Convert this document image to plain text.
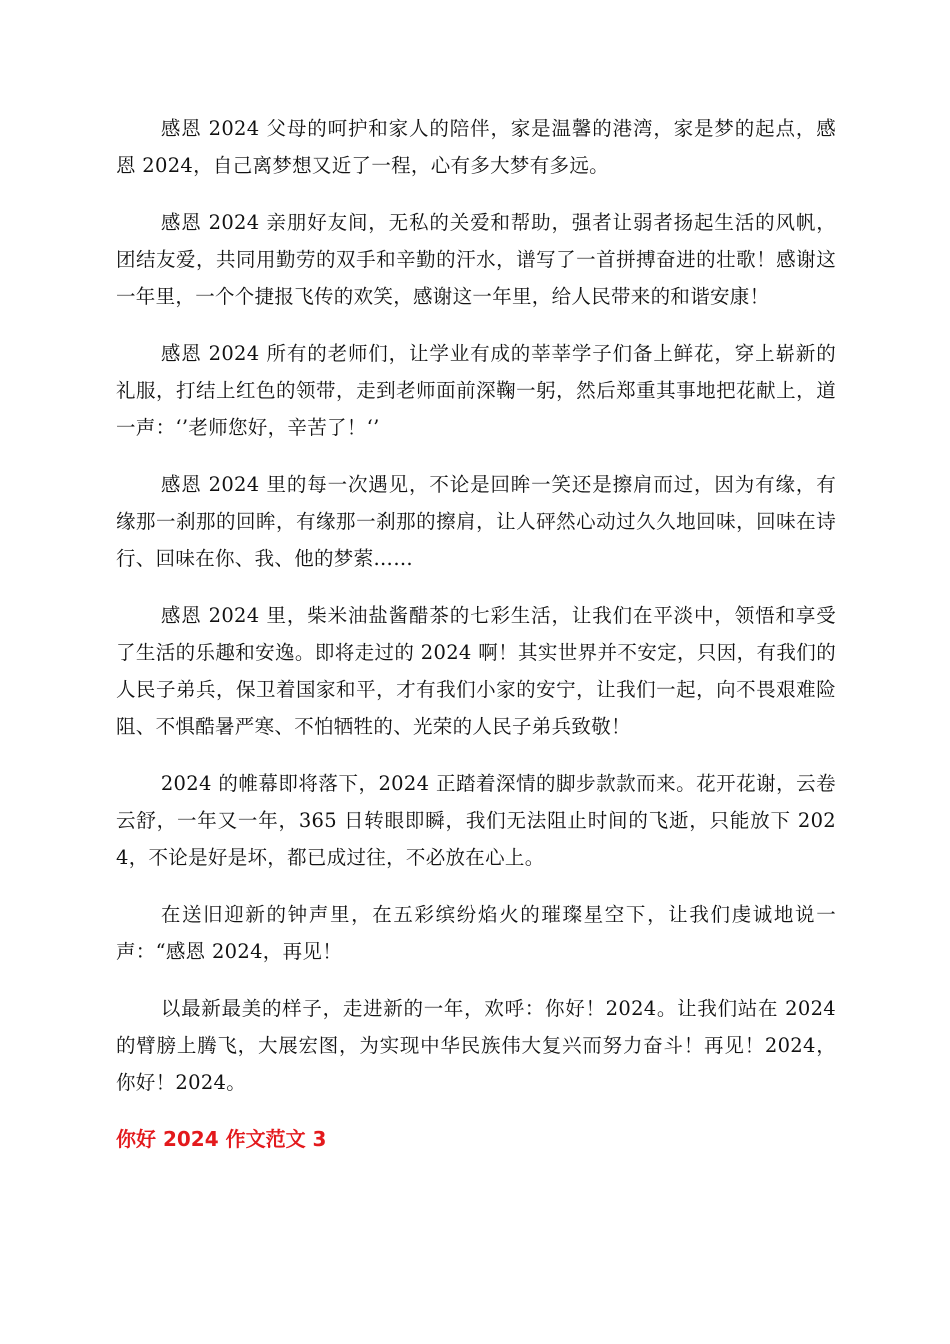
感恩 2024 父母的呵护和家人的陪伴，家是温馨的港湾，家是梦的起点，感恩 2024，自己离梦想又近了一程，心有多大梦有多远。

感恩 2024 亲朋好友间，无私的关爱和帮助，强者让弱者扬起生活的风帆，团结友爱，共同用勤劳的双手和辛勤的汗水，谱写了一首拼搏奋进的壮歌！感谢这一年里，一个个捷报飞传的欢笑，感谢这一年里，给人民带来的和谐安康！

感恩 2024 所有的老师们，让学业有成的莘莘学子们备上鲜花，穿上崭新的礼服，打结上红色的领带，走到老师面前深鞠一躬，然后郑重其事地把花献上，道一声：‘’老师您好，辛苦了！‘’

感恩 2024 里的每一次遇见，不论是回眸一笑还是擦肩而过，因为有缘，有缘那一刹那的回眸，有缘那一刹那的擦肩，让人砰然心动过久久地回味，回味在诗行、回味在你、我、他的梦萦……

感恩 2024 里，柴米油盐酱醋茶的七彩生活，让我们在平淡中，领悟和享受了生活的乐趣和安逸。即将走过的 2024 啊！其实世界并不安定，只因，有我们的人民子弟兵，保卫着国家和平，才有我们小家的安宁，让我们一起，向不畏艰难险阻、不惧酷暑严寒、不怕牺牲的、光荣的人民子弟兵致敬！

2024 的帷幕即将落下，2024 正踏着深情的脚步款款而来。花开花谢，云卷云舒，一年又一年，365 日转眼即瞬，我们无法阻止时间的飞逝，只能放下 2024，不论是好是坏，都已成过往，不必放在心上。

在送旧迎新的钟声里，在五彩缤纷焰火的璀璨星空下，让我们虔诚地说一声：“感恩 2024，再见！

以最新最美的样子，走进新的一年，欢呼：你好！2024。让我们站在 2024 的臂膀上腾飞，大展宏图，为实现中华民族伟大复兴而努力奋斗！再见！2024，你好！2024。

你好 2024 作文范文 3
